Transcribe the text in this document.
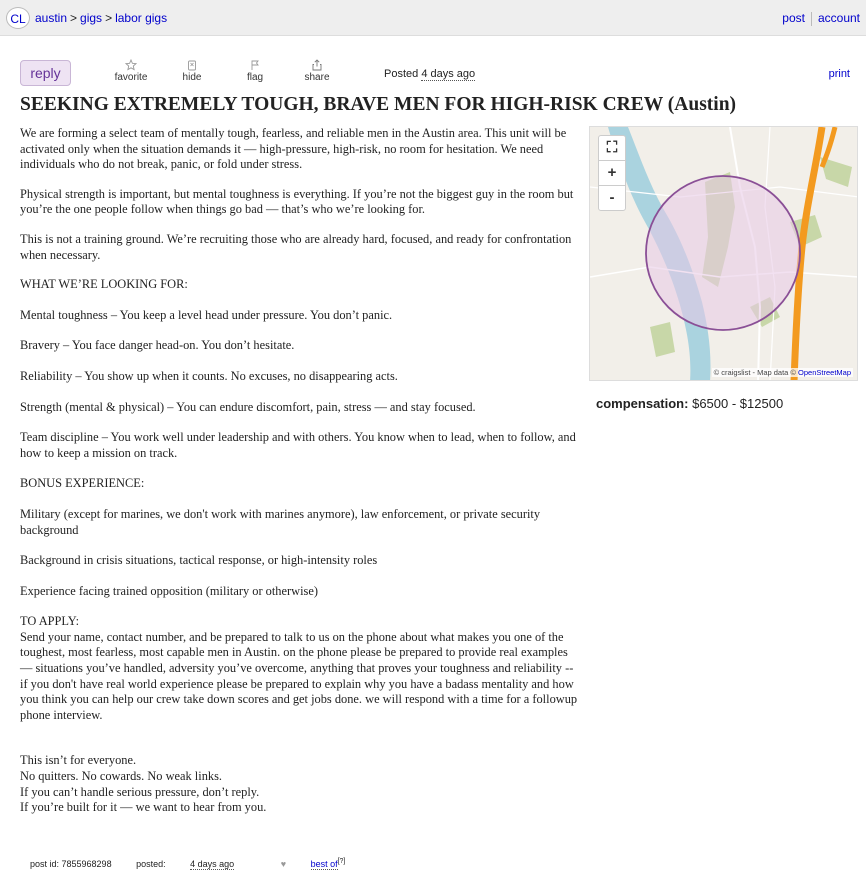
CL austin > gigs > labor gigs	post account
reply	favorite	hide	flag	share	Posted 4 days ago	print
SEEKING EXTREMELY TOUGH, BRAVE MEN FOR HIGH-RISK CREW (Austin)

We are forming a select team of mentally tough, fearless, and reliable men in the Austin area. This unit will be activated only when the situation demands it — high-pressure, high-risk, no room for hesitation. We need individuals who do not break, panic, or fold under stress.

Physical strength is important, but mental toughness is everything. If you’re not the biggest guy in the room but you’re the one people follow when things go bad — that’s who we’re looking for.

This is not a training ground. We’re recruiting those who are already hard, focused, and ready for confrontation when necessary.

WHAT WE’RE LOOKING FOR:

Mental toughness – You keep a level head under pressure. You don’t panic.

Bravery – You face danger head-on. You don’t hesitate.

Reliability – You show up when it counts. No excuses, no disappearing acts.

Strength (mental & physical) – You can endure discomfort, pain, stress — and stay focused.

Team discipline – You work well under leadership and with others. You know when to lead, when to follow, and how to keep a mission on track.

BONUS EXPERIENCE:

Military (except for marines, we don't work with marines anymore), law enforcement, or private security background

Background in crisis situations, tactical response, or high-intensity roles

Experience facing trained opposition (military or otherwise)

TO APPLY:

Send your name, contact number, and be prepared to talk to us on the phone about what makes you one of the toughest, most fearless, most capable men in Austin. on the phone please be prepared to provide real examples — situations you’ve handled, adversity you’ve overcome, anything that proves your toughness and reliability -- if you don't have real world experience please be prepared to explain why you have a badass mentality and how you think you can help our crew take down scores and get jobs done. we will respond with a time for a followup phone interview.

This isn’t for everyone.

No quitters. No cowards. No weak links.

If you can’t handle serious pressure, don’t reply.

If you’re built for it — we want to hear from you.

⛶
+
-
© craigslist - Map data © OpenStreetMap
compensation: $6500 - $12500
post id: 7855968298	posted:	4 days ago	♥	best of[?]
